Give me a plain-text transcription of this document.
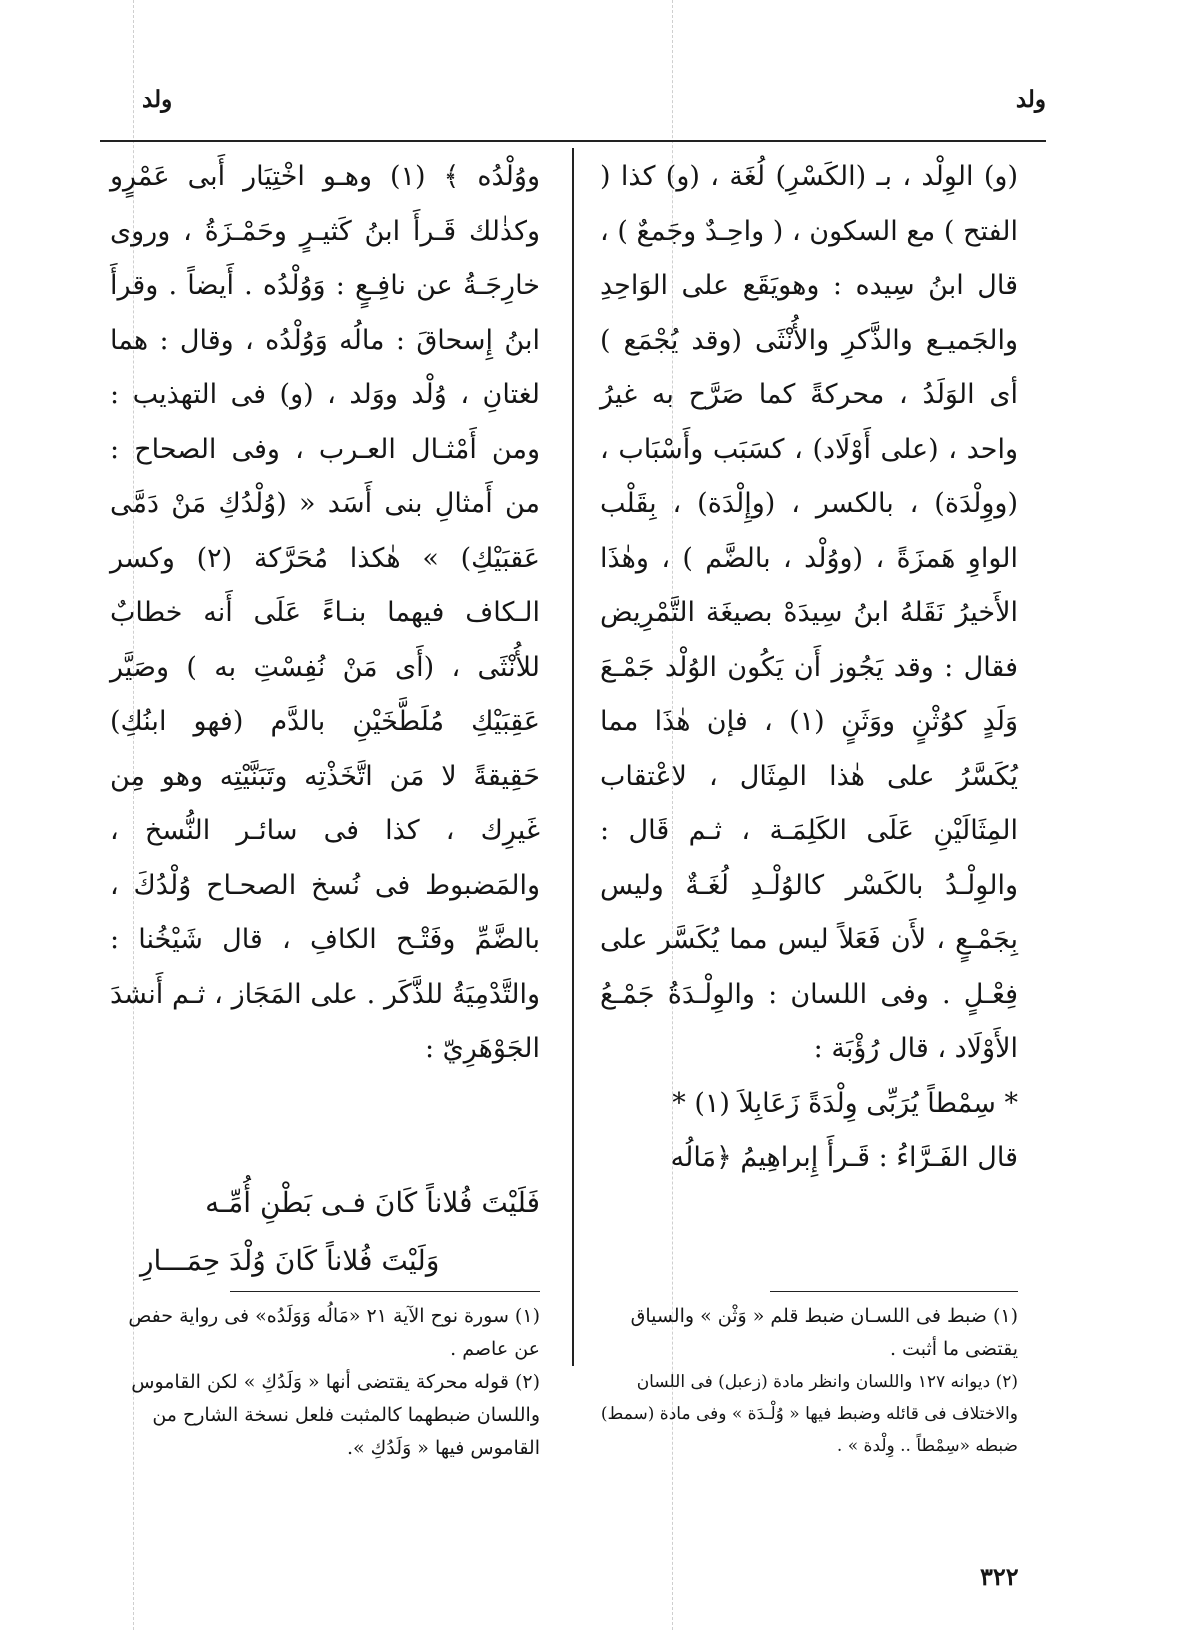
ولد
ولد

(و) الوِلْد ، بـ (الكَسْرِ) لُغَة ، (و) كذا ( الفتح ) مع السكون ، ( واحِـدٌ وجَمعٌ ) ، قال ابنُ سِيده : وهويَقَع على الوَاحِدِ والجَميـع والذَّكرِ والأُنْثَى (وقد يُجْمَع ) أى الوَلَدُ ، محركةً كما صَرَّح به غيرُ واحد ، (على أَوْلَاد) ، كسَبَب وأَسْبَاب ، (ووِلْدَة) ، بالكسر ، (وإِلْدَة) ، بِقَلْب الواوِ هَمزَةً ، (ووُلْد ، بالضَّم ) ، وهٰذَا الأَخيرُ نَقَلهُ ابنُ سِيدَهْ بصيغَة التَّمْرِيض فقال : وقد يَجُوز أَن يَكُون الوُلْد جَمْـعَ وَلَدٍ كوُثْنٍ ووَثَنٍ (١) ، فإن هٰذَا مما يُكَسَّرُ على هٰذا المِثَال ، لاعْتقاب المِثَالَيْنِ عَلَى الكَلِمَـة ، ثـم قَال : والوِلْـدُ بالكَسْر كالوُلْـدِ لُغَـةٌ وليس بِجَمْـعٍ ، لأَن فَعَلاً ليس مما يُكَسَّر على فِعْـلٍ . وفى اللسان : والوِلْـدَةُ جَمْـعُ الأَوْلَاد ، قال رُؤْبَة :

* سِمْطاً يُرَبِّى وِلْدَةً زَعَابِلاَ (١) *

قال الفَـرَّاءُ : قَـرأَ إِبراهِيمُ ﴿مَالُه

ووُلْدُه ﴾ (١) وهـو اخْتِيَار أَبى عَمْرٍو وكذٰلك قَـرأَ ابنُ كَثيـرٍ وحَمْـزَةُ ، وروى خارِجَـةُ عن نافِـعٍ : وَوُلْدُه . أَيضاً . وقرأَ ابنُ إِسحاقَ : مالُه وَوُلْدُه ، وقال : هما لغتانِ ، وُلْد ووَلد ، (و) فى التهذيب : ومن أَمْثـال العـرب ، وفى الصحاح : من أَمثالِ بنى أَسَد « (وُلْدُكِ مَنْ دَمَّى عَقبَيْكِ) » هٰكذا مُحَرَّكة (٢) وكسر الـكاف فيهما بنـاءً عَلَى أَنه خطابٌ للأُنْثَى ، (أَى مَنْ نُفِسْتِ به ) وصَيَّر عَقِبَيْكِ مُلَطَّخَيْنِ بالدَّم (فهو ابنُكِ) حَقِيقةً لا مَن اتَّخَذْتِه وتَبَنَّيْتِه وهو مِن غَيرِك ، كذا فى سائـر النُّسخ ، والمَضبوط فى نُسخ الصحـاح وُلْدُكَ ، بالضَّمِّ وفَتْـح الكافِ ، قال شَيْخُنا : والتَّدْمِيَةُ للذَّكَر . على المَجَاز ، ثـم أَنشدَ الجَوْهَرِيّ :

فَلَيْتَ فُلاناً كَانَ فـى بَطْنِ أُمِّـه
وَلَيْتَ فُلاناً كَانَ وُلْدَ حِمَـــارِ

(١) ضبط فى اللسـان ضبط قلم « وَثْن » والسياق يقتضى ما أثبت .

(٢) ديوانه ١٢٧ واللسان وانظر مادة (زعبل) فى اللسان والاختلاف فى قائله وضبط فيها « وُلْـدَة » وفى مادة (سمط) ضبطه «سِمْطاً .. وِلْدة » .

(١) سورة نوح الآية ٢١ «مَالُه وَوَلَدُه» فى رواية حفص عن عاصم .

(٢) قوله محركة يقتضى أنها « وَلَدُكِ » لكن القاموس واللسان ضبطهما كالمثبت فلعل نسخة الشارح من القاموس فيها « وَلَدُكِ ».

٣٢٢
